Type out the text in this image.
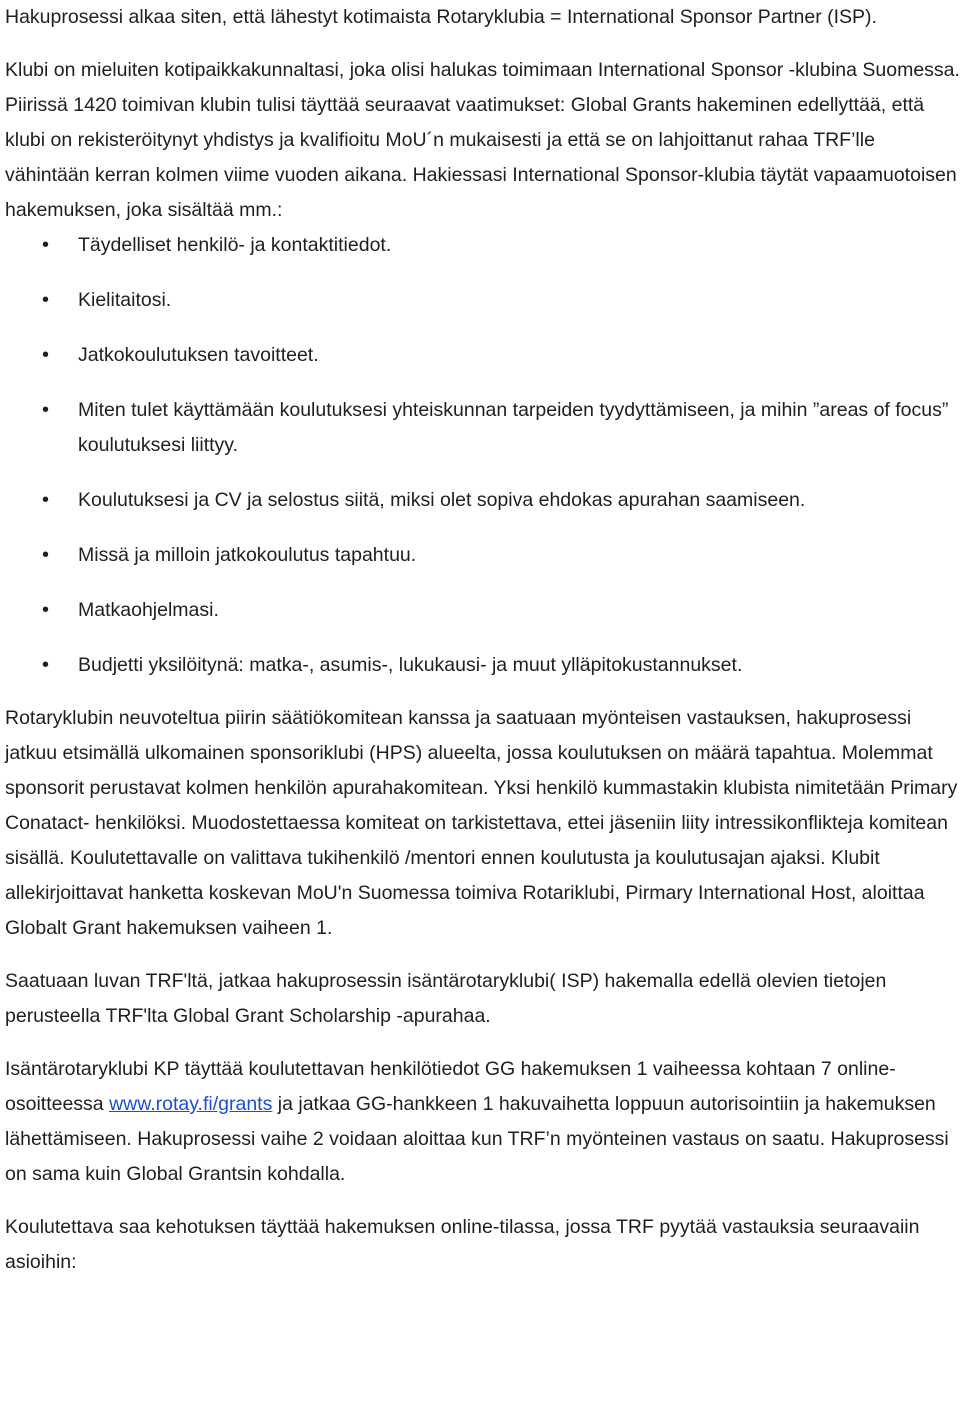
Hakuprosessi alkaa siten, että lähestyt kotimaista Rotaryklubia = International Sponsor Partner (ISP).

Klubi on mieluiten kotipaikkakunnaltasi, joka olisi halukas toimimaan International Sponsor -klubina Suomessa. Piirissä 1420 toimivan klubin tulisi täyttää seuraavat vaatimukset: Global Grants hakeminen edellyttää, että klubi on rekisteröitynyt yhdistys ja kvalifioitu MoU´n mukaisesti ja että se on lahjoittanut rahaa TRF’lle vähintään kerran kolmen viime vuoden aikana. Hakiessasi International Sponsor-klubia täytät vapaamuotoisen hakemuksen, joka sisältää mm.:

• Täydelliset henkilö- ja kontaktitiedot.
• Kielitaitosi.
• Jatkokoulutuksen tavoitteet.
• Miten tulet käyttämään koulutuksesi yhteiskunnan tarpeiden tyydyttämiseen, ja mihin ”areas of focus” koulutuksesi liittyy.
• Koulutuksesi ja CV ja selostus siitä, miksi olet sopiva ehdokas apurahan saamiseen.
• Missä ja milloin jatkokoulutus tapahtuu.
• Matkaohjelmasi.
• Budjetti yksilöitynä: matka-, asumis-, lukukausi- ja muut ylläpitokustannukset.

Rotaryklubin neuvoteltua piirin säätiökomitean kanssa ja saatuaan myönteisen vastauksen, hakuprosessi jatkuu etsimällä ulkomainen sponsoriklubi (HPS) alueelta, jossa koulutuksen on määrä tapahtua. Molemmat sponsorit perustavat kolmen henkilön apurahakomitean. Yksi henkilö kummastakin klubista nimitetään Primary Conatact- henkilöksi. Muodostettaessa komiteat on tarkistettava, ettei jäseniin liity intressikonflikteja komitean sisällä. Koulutettavalle on valittava tukihenkilö /mentori ennen koulutusta ja koulutusajan ajaksi. Klubit allekirjoittavat hanketta koskevan MoU'n Suomessa toimiva Rotariklubi, Pirmary International Host, aloittaa Globalt Grant hakemuksen vaiheen 1.

Saatuaan luvan TRF'ltä, jatkaa hakuprosessin isäntärotaryklubi( ISP) hakemalla edellä olevien tietojen perusteella TRF'lta Global Grant Scholarship -apurahaa.

Isäntärotaryklubi KP täyttää koulutettavan henkilötiedot GG hakemuksen 1 vaiheessa kohtaan 7 online-osoitteessa www.rotay.fi/grants ja jatkaa GG-hankkeen 1 hakuvaihetta loppuun autorisointiin ja hakemuksen lähettämiseen. Hakuprosessi vaihe 2 voidaan aloittaa kun TRF’n myönteinen vastaus on saatu. Hakuprosessi on sama kuin Global Grantsin kohdalla.

Koulutettava saa kehotuksen täyttää hakemuksen online-tilassa, jossa TRF pyytää vastauksia seuraavaiin asioihin:
